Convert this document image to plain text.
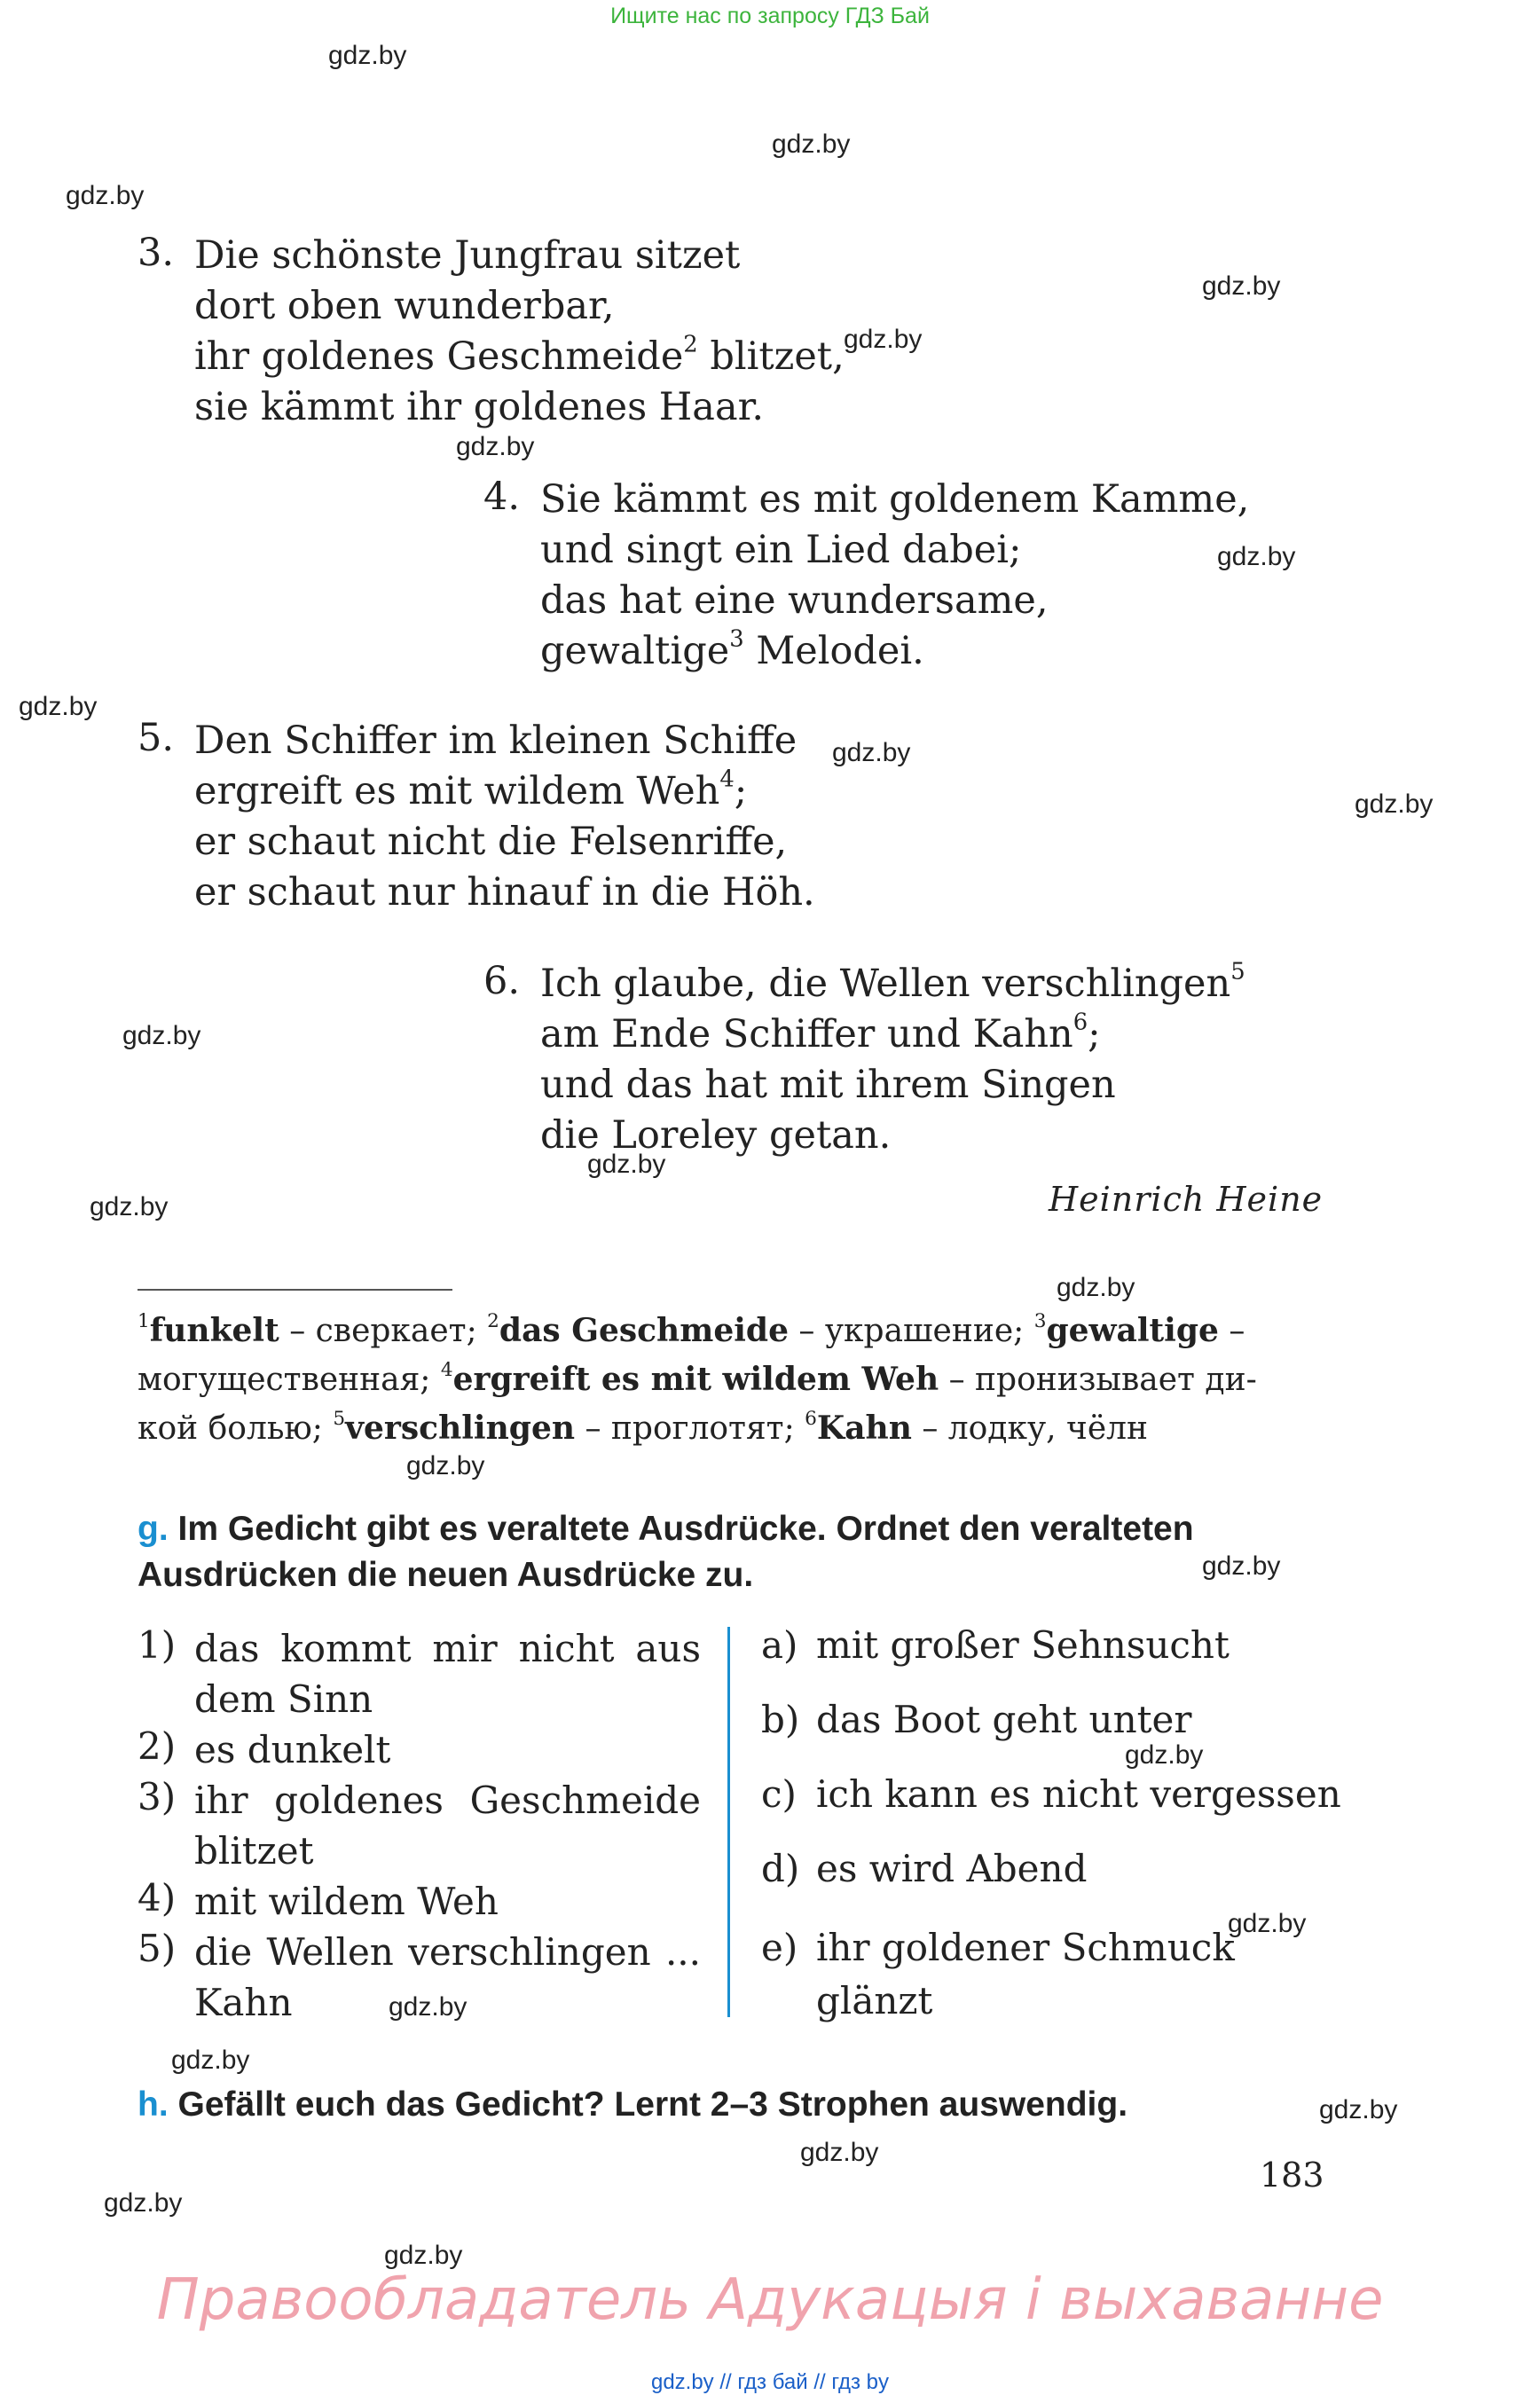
Ищите нас по запросу ГДЗ Бай
gdz.by
gdz.by
gdz.by
gdz.by
gdz.by
gdz.by
gdz.by
gdz.by
gdz.by
gdz.by
gdz.by
gdz.by
gdz.by
gdz.by
gdz.by
gdz.by
gdz.by
gdz.by
gdz.by
gdz.by
gdz.by
gdz.by
gdz.by
gdz.by
3. Die schönste Jungfrau sitzet
dort oben wunderbar,
ihr goldenes Geschmeide$^2$ blitzet,
sie kämmt ihr goldenes Haar.
4. Sie kämmt es mit goldenem Kamme,
und singt ein Lied dabei;
das hat eine wundersame,
gewaltige$^3$ Melodei.
5. Den Schiffer im kleinen Schiffe
ergreift es mit wildem Weh$^4$;
er schaut nicht die Felsenriffe,
er schaut nur hinauf in die Höh.
6. Ich glaube, die Wellen verschlingen$^5$
am Ende Schiffer und Kahn$^6$;
und das hat mit ihrem Singen
die Loreley getan.
Heinrich Heine
$^1$funkelt – сверкает; $^2$das Geschmeide – украшение; $^3$gewaltige –
могущественная; $^4$ergreift es mit wildem Weh – пронизывает ди-
кой болью; $^5$verschlingen – проглотят; $^6$Kahn – лодку, чёлн
g. Im Gedicht gibt es veraltete Ausdrücke. Ordnet den veralteten
Ausdrücken die neuen Ausdrücke zu.
1) das kommt mir nicht aus dem Sinn
2) es dunkelt
3) ihr goldenes Geschmeide blitzet
4) mit wildem Weh
5) die Wellen verschlingen ... Kahn
a) mit großer Sehnsucht
b) das Boot geht unter
c) ich kann es nicht vergessen
d) es wird Abend
e) ihr goldener Schmuck
glänzt
h. Gefällt euch das Gedicht? Lernt 2–3 Strophen auswendig.
183
Правообладатель Адукацыя і выхаванне
gdz.by // гдз бай // гдз by
